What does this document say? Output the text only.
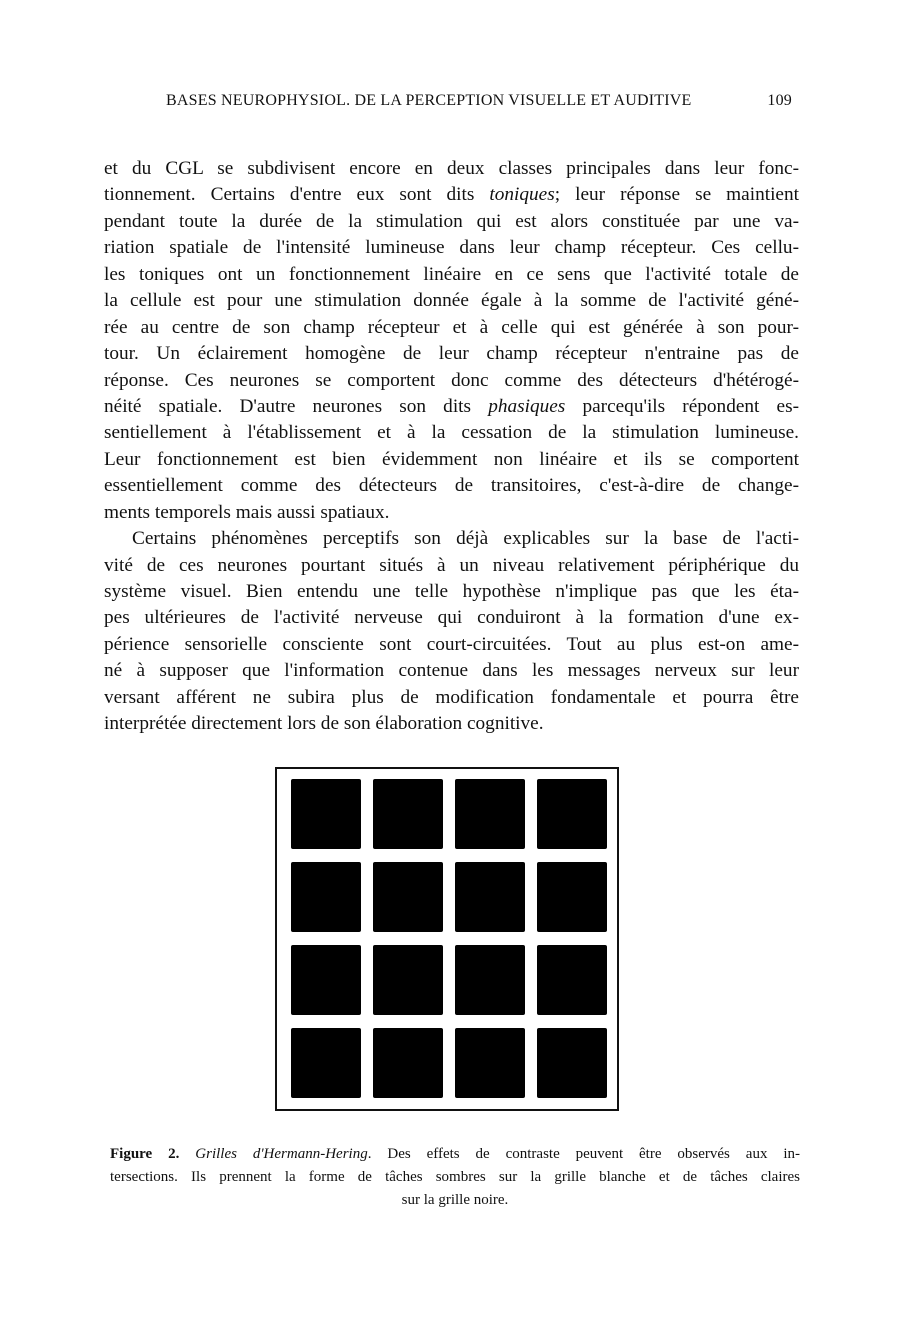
BASES NEUROPHYSIOL. DE LA PERCEPTION VISUELLE ET AUDITIVE	109
et du CGL se subdivisent encore en deux classes principales dans leur fonc-
tionnement. Certains d'entre eux sont dits toniques; leur réponse se maintient
pendant toute la durée de la stimulation qui est alors constituée par une va-
riation spatiale de l'intensité lumineuse dans leur champ récepteur. Ces cellu-
les toniques ont un fonctionnement linéaire en ce sens que l'activité totale de
la cellule est pour une stimulation donnée égale à la somme de l'activité géné-
rée au centre de son champ récepteur et à celle qui est générée à son pour-
tour. Un éclairement homogène de leur champ récepteur n'entraine pas de
réponse. Ces neurones se comportent donc comme des détecteurs d'hétérogé-
néité spatiale. D'autre neurones son dits phasiques parcequ'ils répondent es-
sentiellement à l'établissement et à la cessation de la stimulation lumineuse.
Leur fonctionnement est bien évidemment non linéaire et ils se comportent
essentiellement comme des détecteurs de transitoires, c'est-à-dire de change-
ments temporels mais aussi spatiaux.
Certains phénomènes perceptifs son déjà explicables sur la base de l'acti-
vité de ces neurones pourtant situés à un niveau relativement périphérique du
système visuel. Bien entendu une telle hypothèse n'implique pas que les éta-
pes ultérieures de l'activité nerveuse qui conduiront à la formation d'une ex-
périence sensorielle consciente sont court-circuitées. Tout au plus est-on ame-
né à supposer que l'information contenue dans les messages nerveux sur leur
versant afférent ne subira plus de modification fondamentale et pourra être
interprétée directement lors de son élaboration cognitive.
Figure 2. Grilles d'Hermann-Hering. Des effets de contraste peuvent être observés aux in-
tersections. Ils prennent la forme de tâches sombres sur la grille blanche et de tâches claires
sur la grille noire.
